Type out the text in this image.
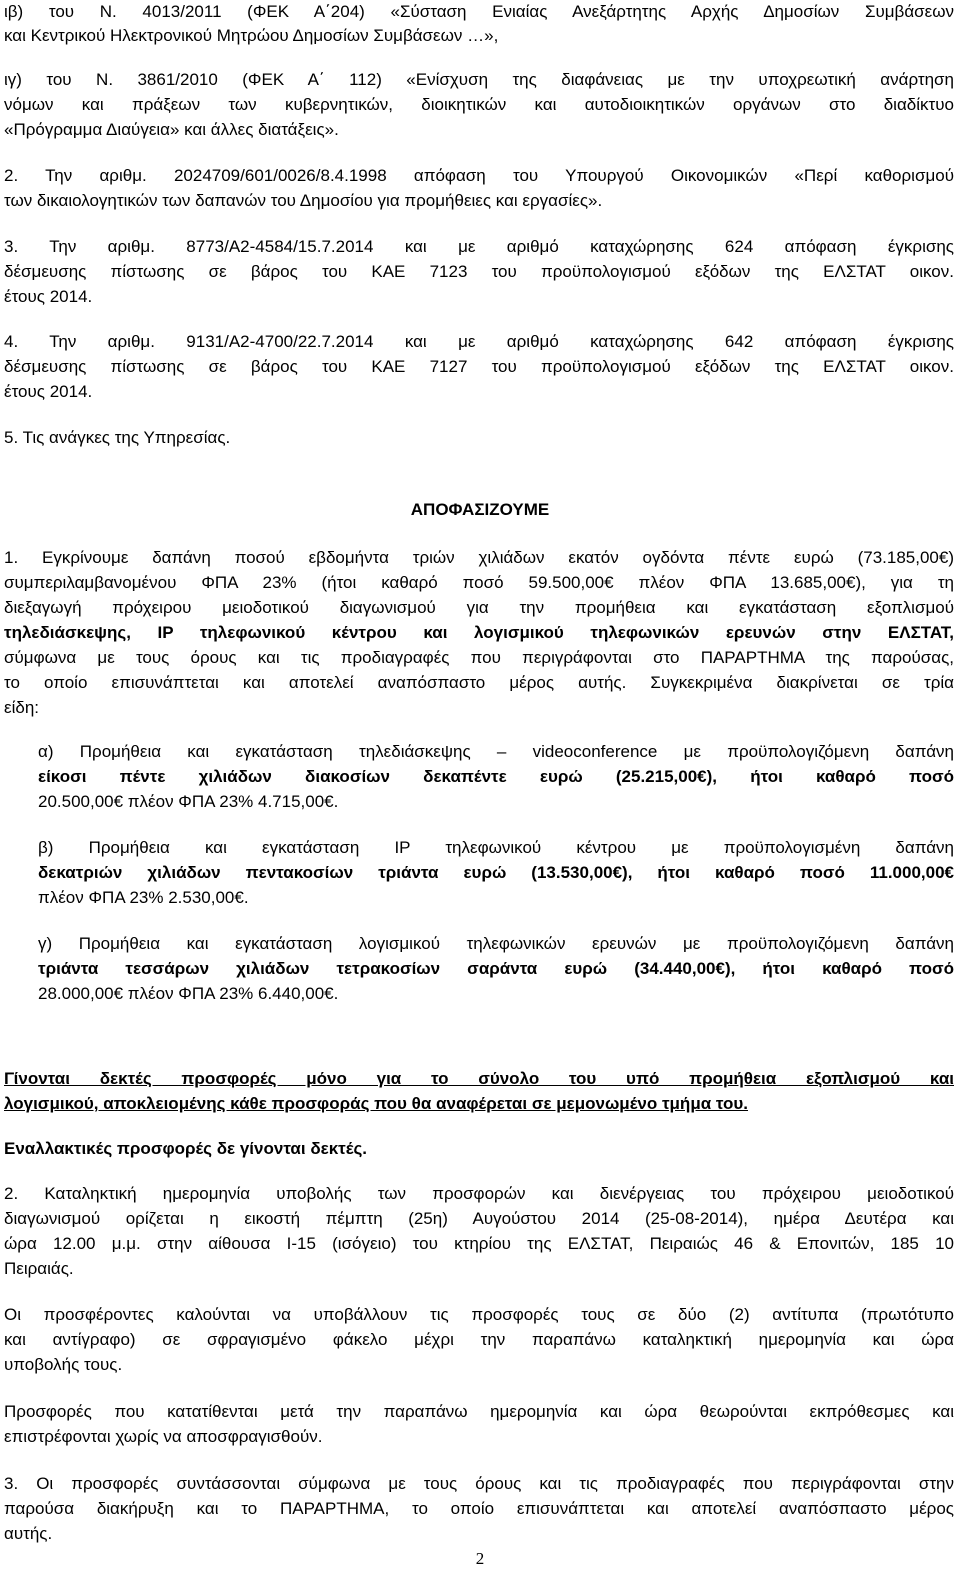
ιβ) του Ν. 4013/2011 (ΦΕΚ Α΄204) «Σύσταση Ενιαίας Ανεξάρτητης Αρχής Δημοσίων Συμβάσεων
και Κεντρικού Ηλεκτρονικού Μητρώου Δημοσίων Συμβάσεων …»,
ιγ) του Ν. 3861/2010 (ΦΕΚ Α΄ 112) «Ενίσχυση της διαφάνειας με την υποχρεωτική ανάρτηση
νόμων και πράξεων των κυβερνητικών, διοικητικών και αυτοδιοικητικών οργάνων στο διαδίκτυο
«Πρόγραμμα Διαύγεια» και άλλες διατάξεις».
2. Την αριθμ. 2024709/601/0026/8.4.1998 απόφαση του Υπουργού Οικονομικών «Περί καθορισμού
των δικαιολογητικών των δαπανών του Δημοσίου για προμήθειες και εργασίες».
3. Την αριθμ. 8773/Α2-4584/15.7.2014 και με αριθμό καταχώρησης 624 απόφαση έγκρισης
δέσμευσης πίστωσης σε βάρος του ΚΑΕ 7123 του προϋπολογισμού εξόδων της ΕΛΣΤΑΤ οικον.
έτους 2014.
4. Την αριθμ. 9131/Α2-4700/22.7.2014 και με αριθμό καταχώρησης 642 απόφαση έγκρισης
δέσμευσης πίστωσης σε βάρος του ΚΑΕ 7127 του προϋπολογισμού εξόδων της ΕΛΣΤΑΤ οικον.
έτους 2014.
5. Τις ανάγκες της Υπηρεσίας.
ΑΠΟΦΑΣΙΖΟΥΜΕ
1. Εγκρίνουμε δαπάνη ποσού εβδομήντα τριών χιλιάδων εκατόν ογδόντα πέντε ευρώ (73.185,00€)
συμπεριλαμβανομένου ΦΠΑ 23% (ήτοι καθαρό ποσό 59.500,00€ πλέον ΦΠΑ 13.685,00€), για τη
διεξαγωγή πρόχειρου μειοδοτικού διαγωνισμού για την προμήθεια και εγκατάσταση εξοπλισμού
τηλεδιάσκεψης, IP τηλεφωνικού κέντρου και λογισμικού τηλεφωνικών ερευνών στην ΕΛΣΤΑΤ,
σύμφωνα με τους όρους και τις προδιαγραφές που περιγράφονται στο ΠΑΡΑΡΤΗΜΑ της παρούσας,
το οποίο επισυνάπτεται και αποτελεί αναπόσπαστο μέρος αυτής. Συγκεκριμένα διακρίνεται σε τρία
είδη:
α) Προμήθεια και εγκατάσταση τηλεδιάσκεψης – videoconference με προϋπολογιζόμενη δαπάνη
είκοσι πέντε χιλιάδων διακοσίων δεκαπέντε ευρώ (25.215,00€), ήτοι καθαρό ποσό
20.500,00€ πλέον ΦΠΑ 23% 4.715,00€.
β) Προμήθεια και εγκατάσταση IP τηλεφωνικού κέντρου με προϋπολογισμένη δαπάνη
δεκατριών χιλιάδων πεντακοσίων τριάντα ευρώ (13.530,00€), ήτοι καθαρό ποσό 11.000,00€
πλέον ΦΠΑ 23% 2.530,00€.
γ) Προμήθεια και εγκατάσταση λογισμικού τηλεφωνικών ερευνών με προϋπολογιζόμενη δαπάνη
τριάντα τεσσάρων χιλιάδων τετρακοσίων σαράντα ευρώ (34.440,00€), ήτοι καθαρό ποσό
28.000,00€ πλέον ΦΠΑ 23% 6.440,00€.
Γίνονται δεκτές προσφορές μόνο για το σύνολο του υπό προμήθεια εξοπλισμού και
λογισμικού, αποκλειομένης κάθε προσφοράς που θα αναφέρεται σε μεμονωμένο τμήμα του.
Εναλλακτικές προσφορές δε γίνονται δεκτές.
2. Καταληκτική ημερομηνία υποβολής των προσφορών και διενέργειας του πρόχειρου μειοδοτικού
διαγωνισμού ορίζεται η εικοστή πέμπτη (25η) Αυγούστου 2014 (25-08-2014), ημέρα Δευτέρα και
ώρα 12.00 μ.μ. στην αίθουσα Ι-15 (ισόγειο) του κτηρίου της ΕΛΣΤΑΤ, Πειραιώς 46 & Επονιτών, 185 10
Πειραιάς.
Οι προσφέροντες καλούνται να υποβάλλουν τις προσφορές τους σε δύο (2) αντίτυπα (πρωτότυπο
και αντίγραφο) σε σφραγισμένο φάκελο μέχρι την παραπάνω καταληκτική ημερομηνία και ώρα
υποβολής τους.
Προσφορές που κατατίθενται μετά την παραπάνω ημερομηνία και ώρα θεωρούνται εκπρόθεσμες και
επιστρέφονται χωρίς να αποσφραγισθούν.
3. Οι προσφορές συντάσσονται σύμφωνα με τους όρους και τις προδιαγραφές που περιγράφονται στην
παρούσα διακήρυξη και το ΠΑΡΑΡΤΗΜΑ, το οποίο επισυνάπτεται και αποτελεί αναπόσπαστο μέρος
αυτής.
2
